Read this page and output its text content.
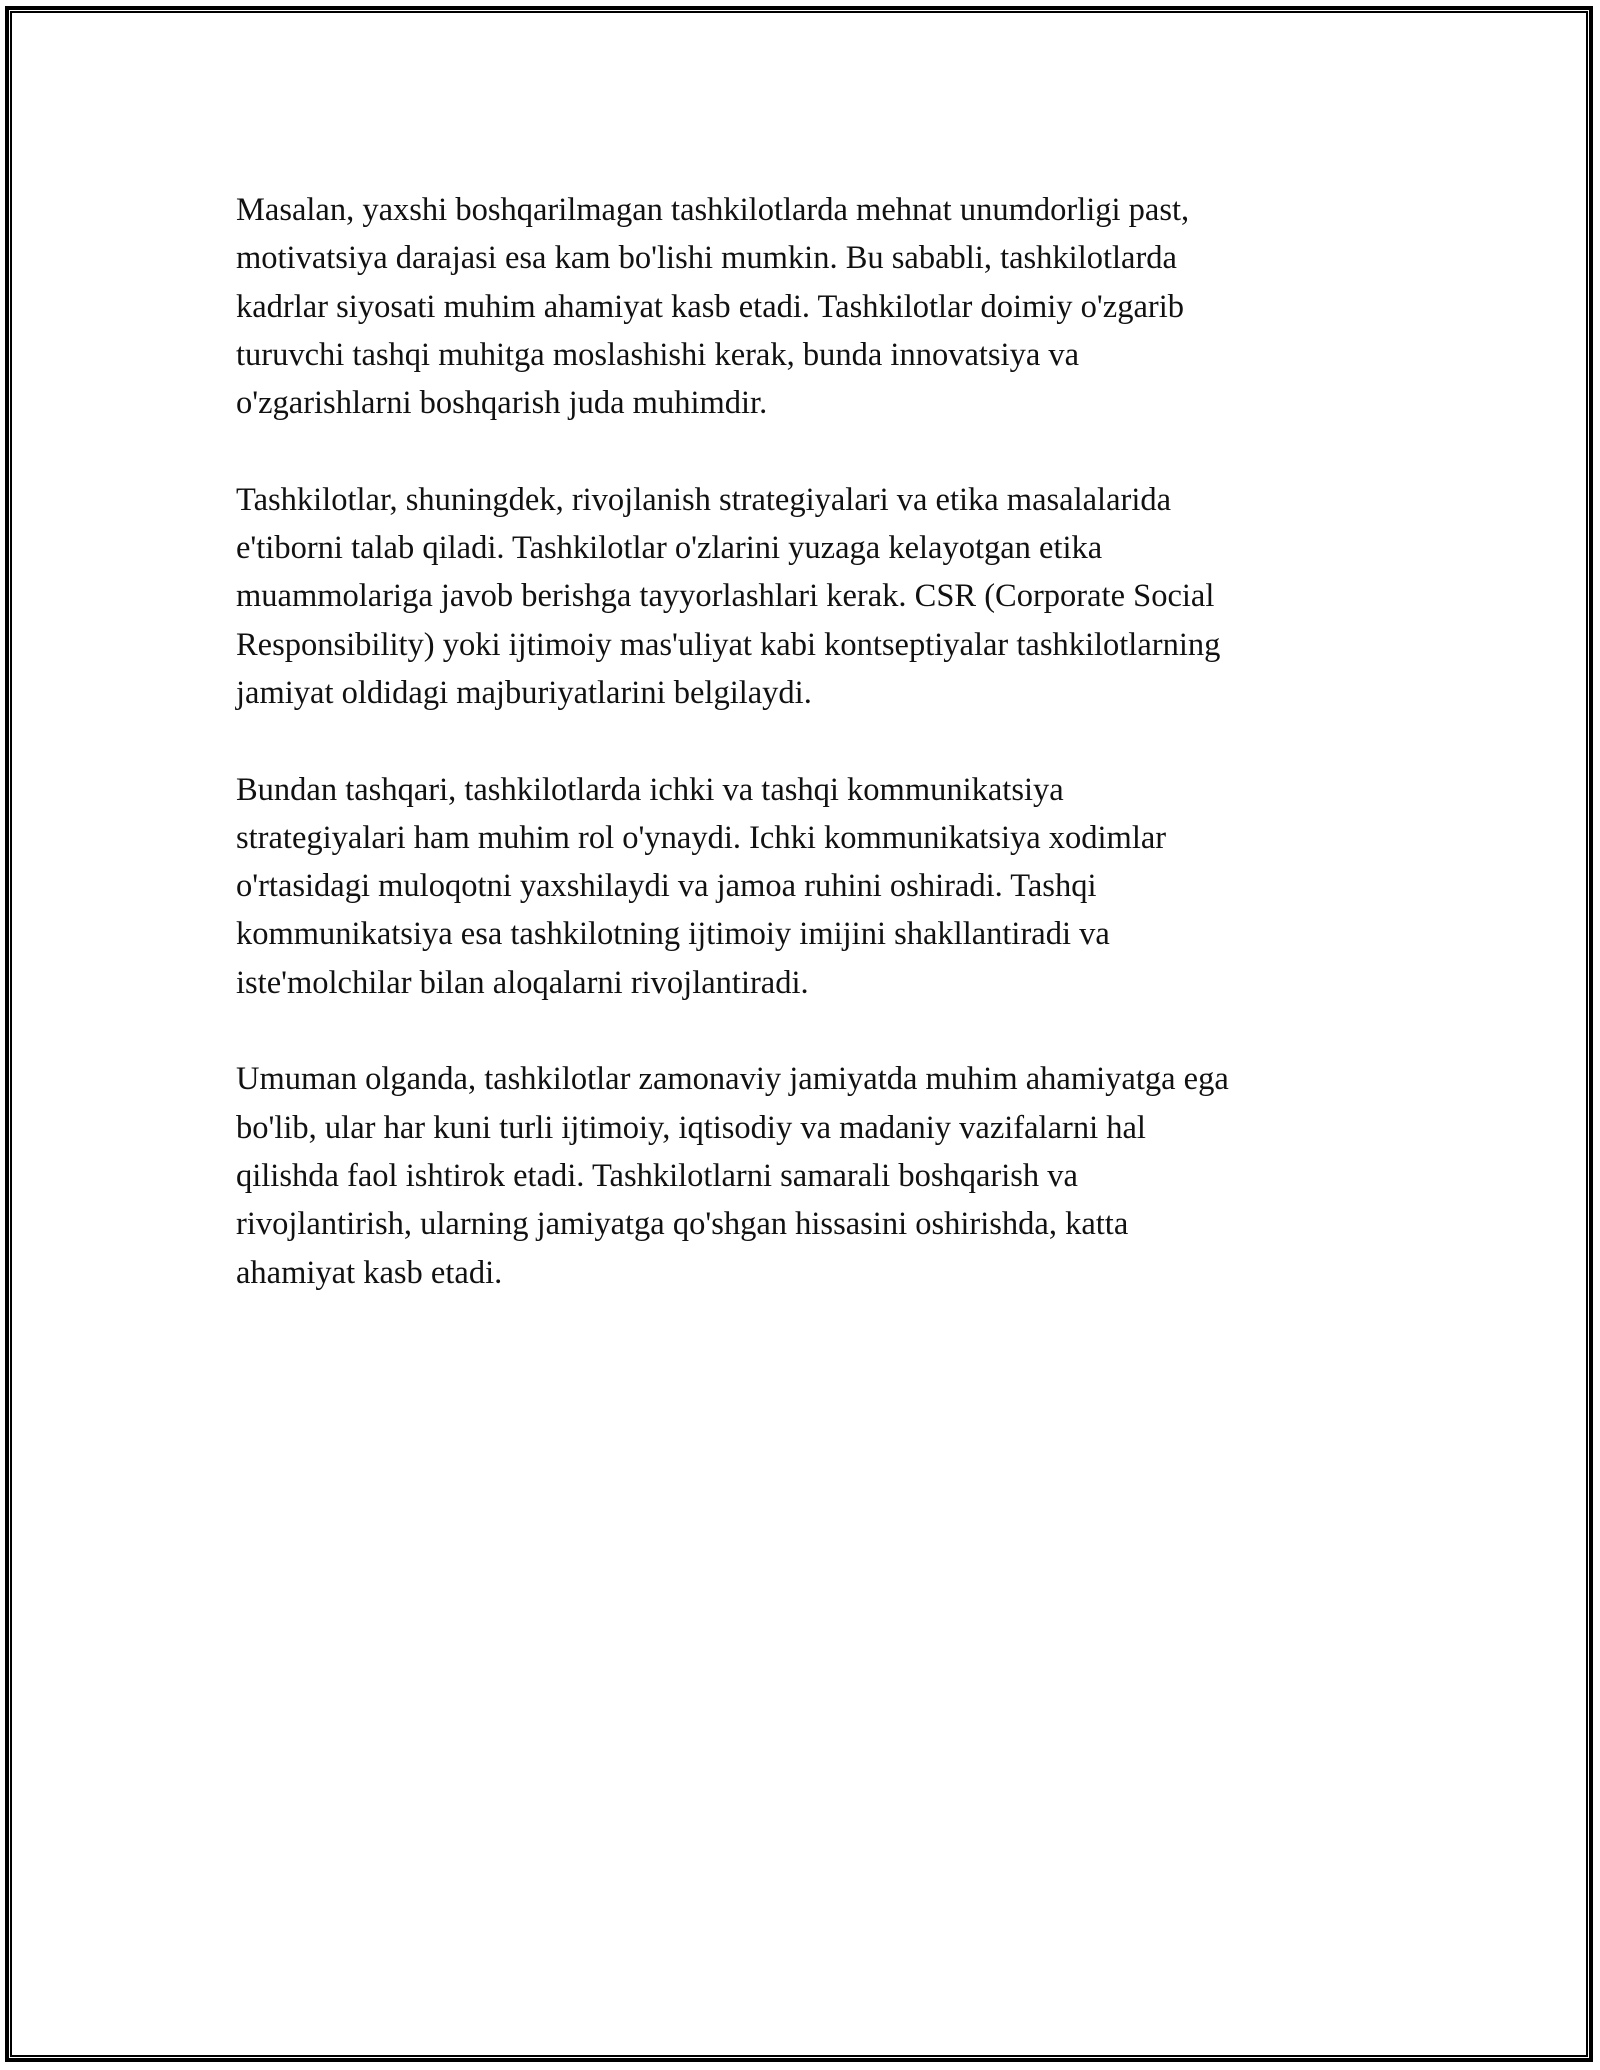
Masalan, yaxshi boshqarilmagan tashkilotlarda mehnat unumdorligi past,
motivatsiya darajasi esa kam bo'lishi mumkin. Bu sababli, tashkilotlarda
kadrlar siyosati muhim ahamiyat kasb etadi. Tashkilotlar doimiy o'zgarib
turuvchi tashqi muhitga moslashishi kerak, bunda innovatsiya va
o'zgarishlarni boshqarish juda muhimdir.

Tashkilotlar, shuningdek, rivojlanish strategiyalari va etika masalalarida
e'tiborni talab qiladi. Tashkilotlar o'zlarini yuzaga kelayotgan etika
muammolariga javob berishga tayyorlashlari kerak. CSR (Corporate Social
Responsibility) yoki ijtimoiy mas'uliyat kabi kontseptiyalar tashkilotlarning
jamiyat oldidagi majburiyatlarini belgilaydi.

Bundan tashqari, tashkilotlarda ichki va tashqi kommunikatsiya
strategiyalari ham muhim rol o'ynaydi. Ichki kommunikatsiya xodimlar
o'rtasidagi muloqotni yaxshilaydi va jamoa ruhini oshiradi. Tashqi
kommunikatsiya esa tashkilotning ijtimoiy imijini shakllantiradi va
iste'molchilar bilan aloqalarni rivojlantiradi.

Umuman olganda, tashkilotlar zamonaviy jamiyatda muhim ahamiyatga ega
bo'lib, ular har kuni turli ijtimoiy, iqtisodiy va madaniy vazifalarni hal
qilishda faol ishtirok etadi. Tashkilotlarni samarali boshqarish va
rivojlantirish, ularning jamiyatga qo'shgan hissasini oshirishda, katta
ahamiyat kasb etadi.
